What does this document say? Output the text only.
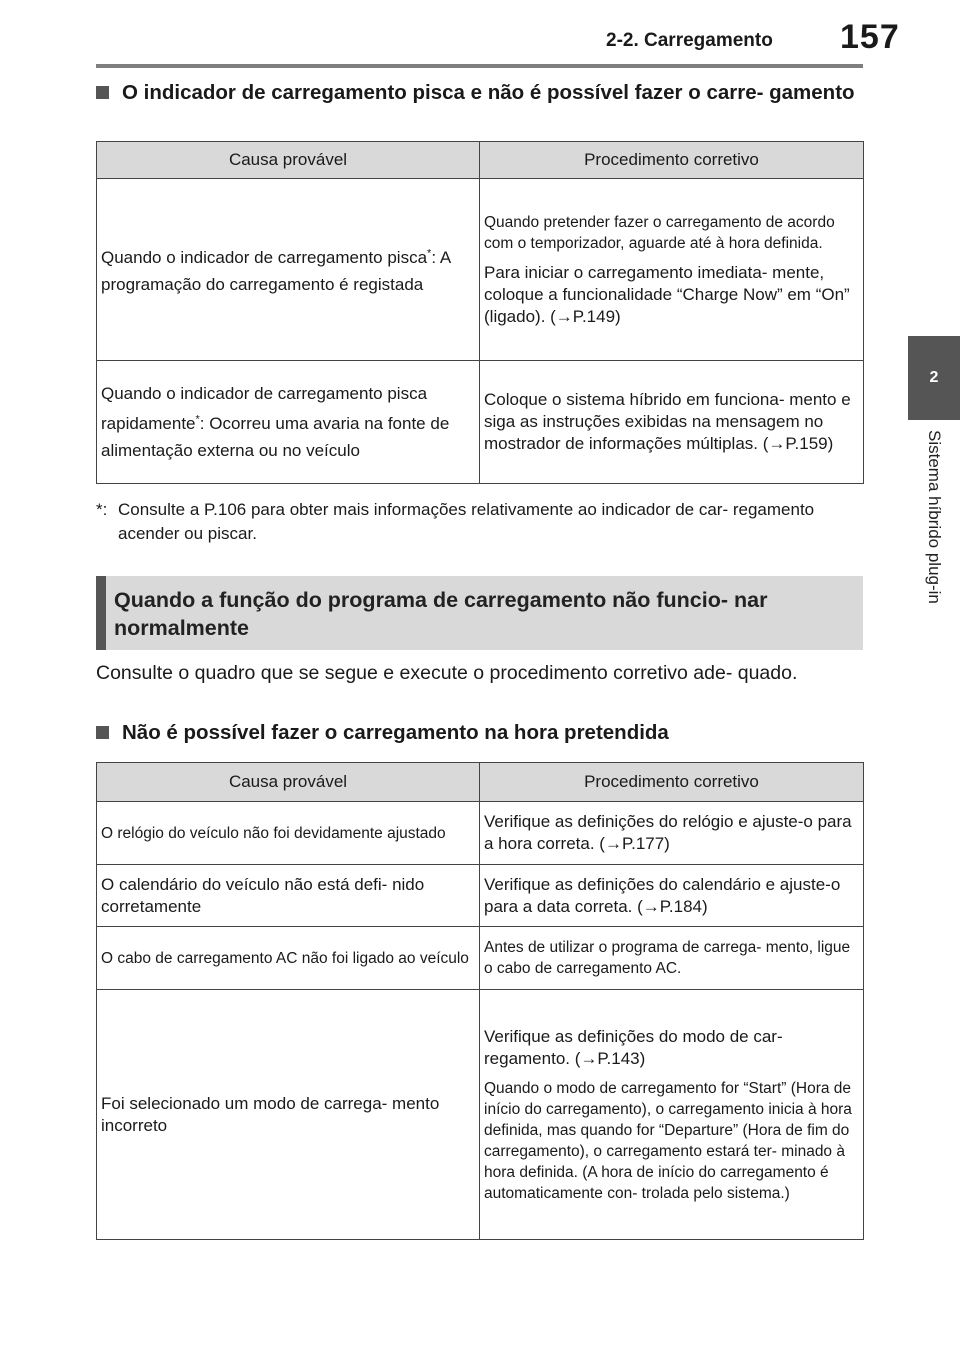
2-2. Carregamento 157
2
Sistema híbrido plug-in
O indicador de carregamento pisca e não é possível fazer o carre- gamento
Causa provável	Procedimento corretivo
Quando o indicador de carregamento pisca*: A programação do carregamento é registada	Quando pretender fazer o carregamento de acordo com o temporizador, aguarde até à hora definida.
Para iniciar o carregamento imediata- mente, coloque a funcionalidade “Charge Now” em “On” (ligado). (→P.149)

Quando o indicador de carregamento pisca rapidamente*: Ocorreu uma avaria na fonte de alimentação externa ou no veículo	Coloque o sistema híbrido em funciona- mento e siga as instruções exibidas na mensagem no mostrador de informações múltiplas. (→P.159)
*: Consulte a P.106 para obter mais informações relativamente ao indicador de car- regamento acender ou piscar.
Quando a função do programa de carregamento não funcio- nar normalmente
Consulte o quadro que se segue e execute o procedimento corretivo ade- quado.
Não é possível fazer o carregamento na hora pretendida
Causa provável	Procedimento corretivo
O relógio do veículo não foi devidamente ajustado	Verifique as definições do relógio e ajuste-o para a hora correta. (→P.177)

O calendário do veículo não está defi- nido corretamente	Verifique as definições do calendário e ajuste-o para a data correta. (→P.184)

O cabo de carregamento AC não foi ligado ao veículo	Antes de utilizar o programa de carrega- mento, ligue o cabo de carregamento AC.

Foi selecionado um modo de carrega- mento incorreto	Verifique as definições do modo de car- regamento. (→P.143)
Quando o modo de carregamento for “Start” (Hora de início do carregamento), o carregamento inicia à hora definida, mas quando for “Departure” (Hora de fim do carregamento), o carregamento estará ter- minado à hora definida. (A hora de início do carregamento é automaticamente con- trolada pelo sistema.)
